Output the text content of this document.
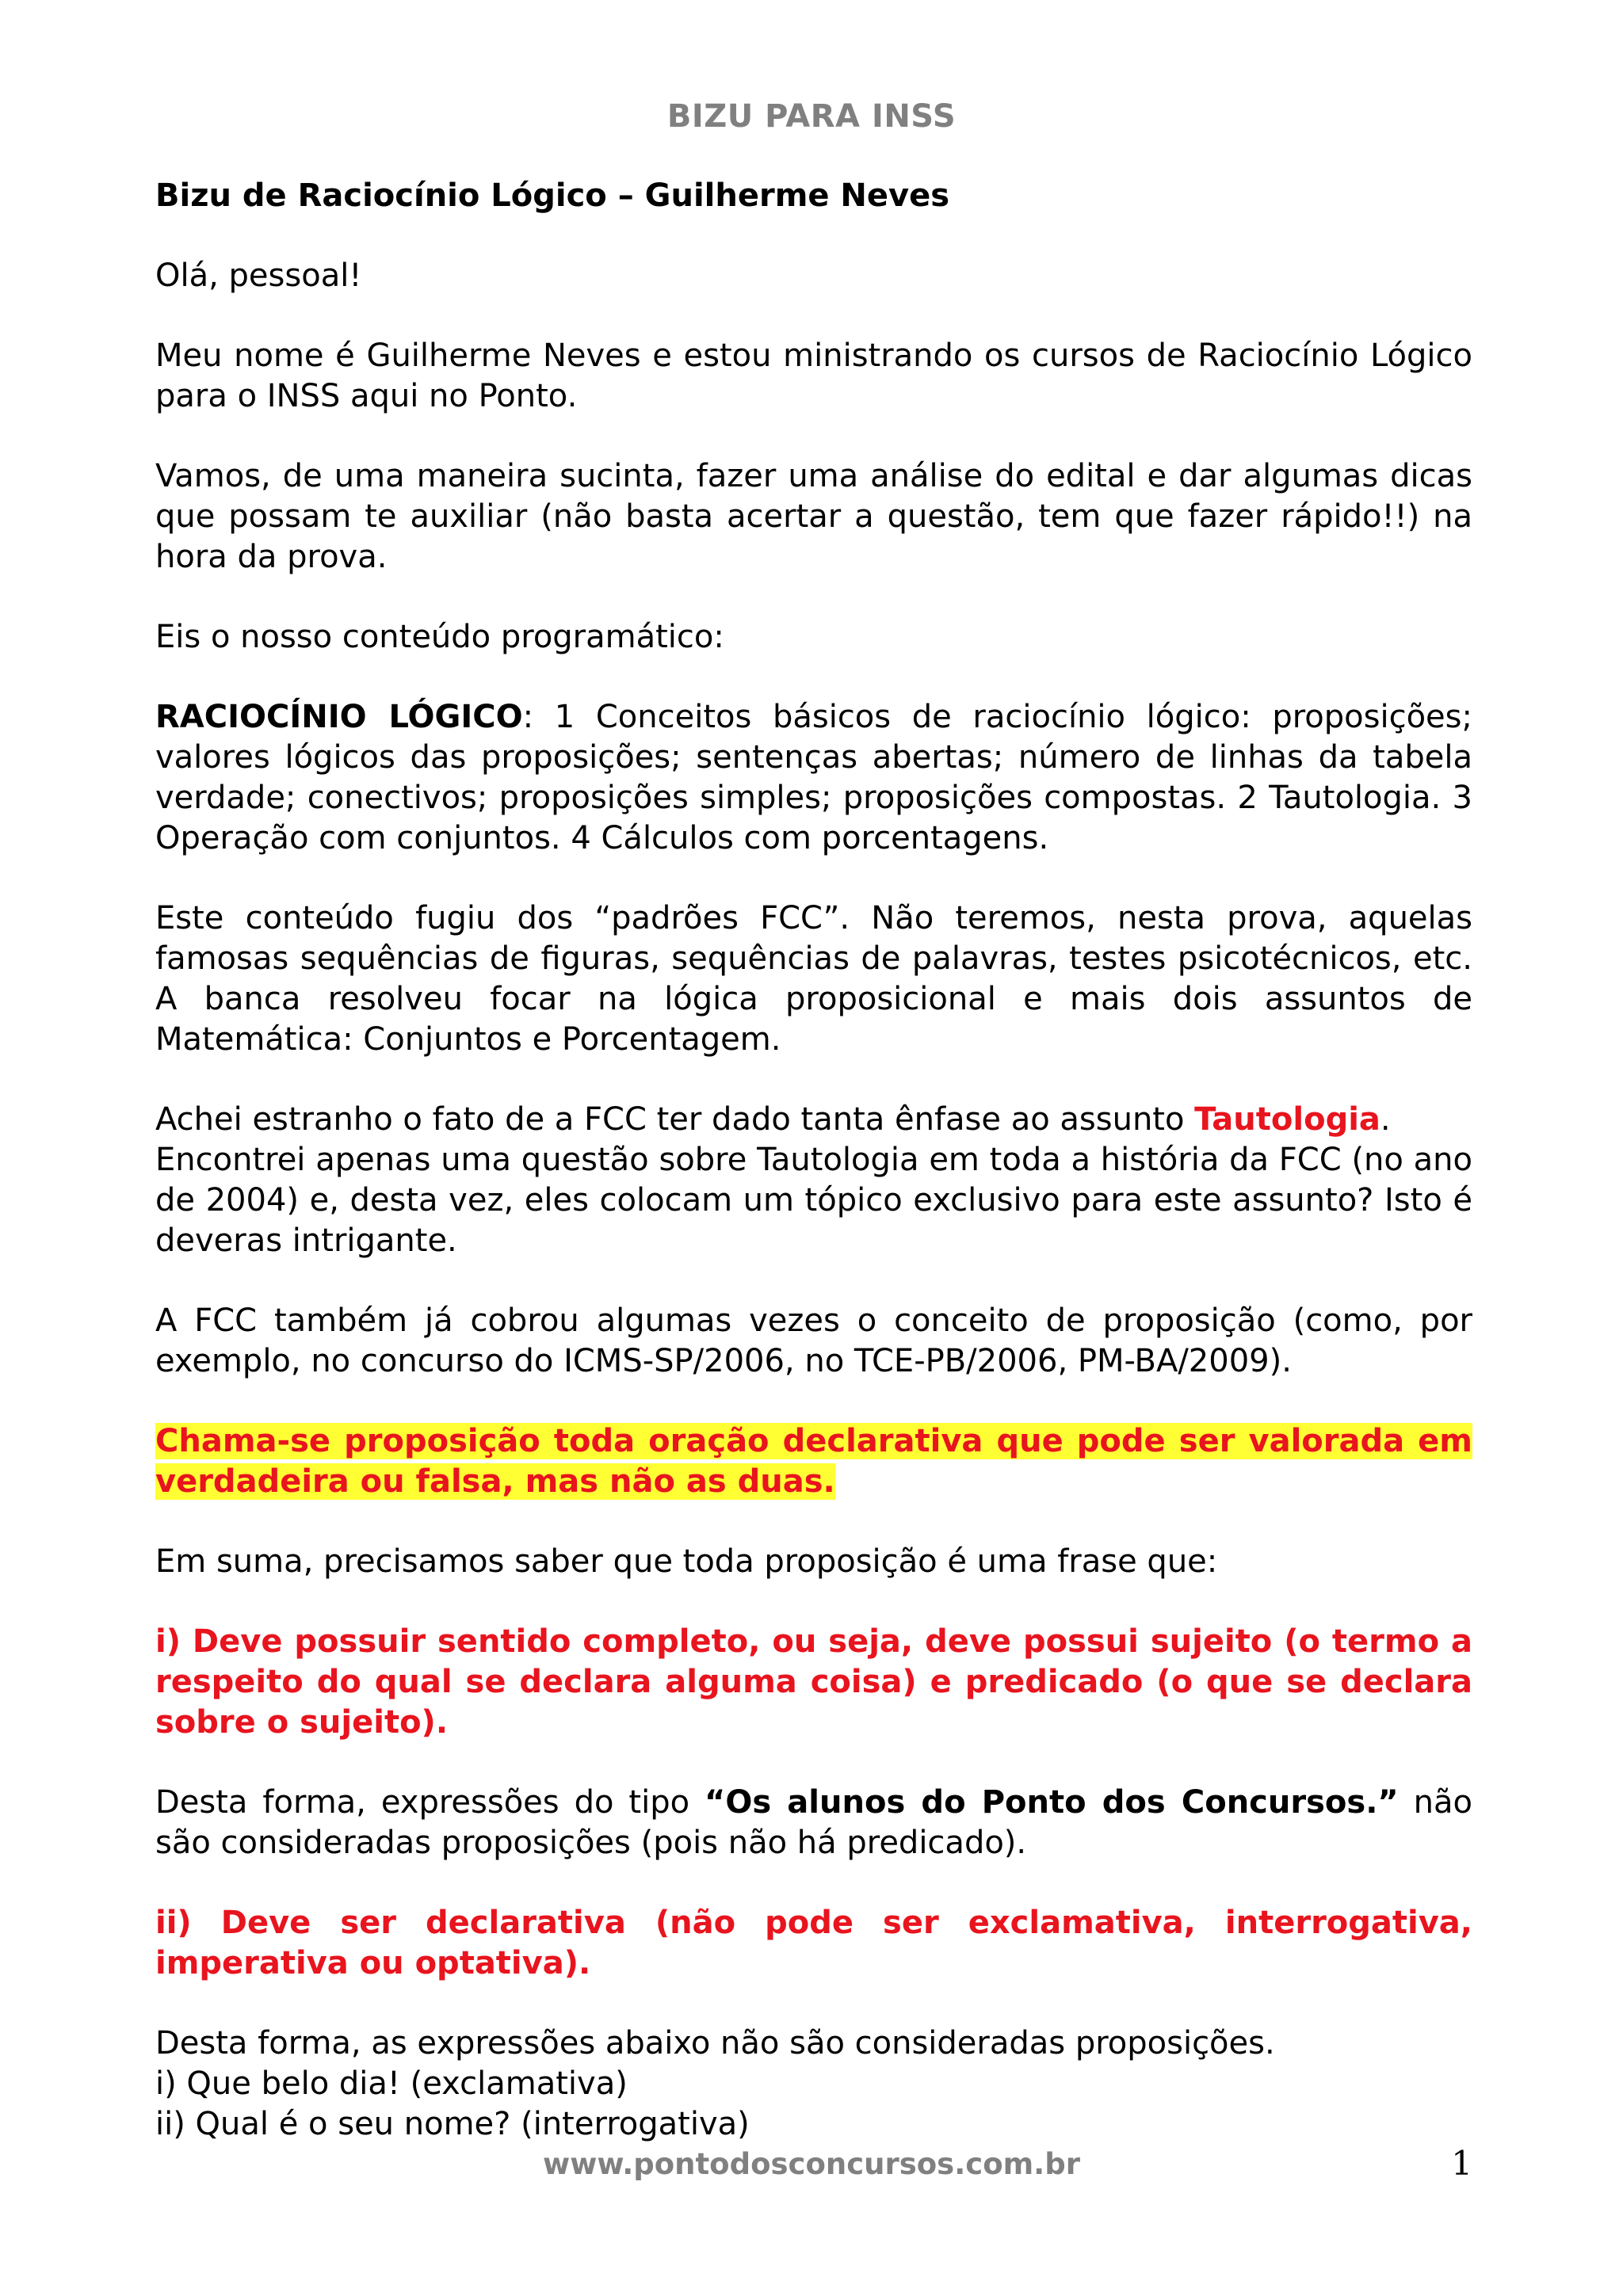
BIZU PARA INSS

Bizu de Raciocínio Lógico – Guilherme Neves

Olá, pessoal!

Meu nome é Guilherme Neves e estou ministrando os cursos de Raciocínio Lógico para o INSS aqui no Ponto.

Vamos, de uma maneira sucinta, fazer uma análise do edital e dar algumas dicas que possam te auxiliar (não basta acertar a questão, tem que fazer rápido!!) na hora da prova.

Eis o nosso conteúdo programático:

RACIOCÍNIO LÓGICO: 1 Conceitos básicos de raciocínio lógico: proposições; valores lógicos das proposições; sentenças abertas; número de linhas da tabela verdade; conectivos; proposições simples; proposições compostas. 2 Tautologia. 3 Operação com conjuntos. 4 Cálculos com porcentagens.

Este conteúdo fugiu dos “padrões FCC”. Não teremos, nesta prova, aquelas famosas sequências de figuras, sequências de palavras, testes psicotécnicos, etc. A banca resolveu focar na lógica proposicional e mais dois assuntos de Matemática: Conjuntos e Porcentagem.

Achei estranho o fato de a FCC ter dado tanta ênfase ao assunto Tautologia.

Encontrei apenas uma questão sobre Tautologia em toda a história da FCC (no ano de 2004) e, desta vez, eles colocam um tópico exclusivo para este assunto? Isto é deveras intrigante.

A FCC também já cobrou algumas vezes o conceito de proposição (como, por exemplo, no concurso do ICMS-SP/2006, no TCE-PB/2006, PM-BA/2009).

Chama-se proposição toda oração declarativa que pode ser valorada em verdadeira ou falsa, mas não as duas.

Em suma, precisamos saber que toda proposição é uma frase que:

i) Deve possuir sentido completo, ou seja, deve possui sujeito (o termo a respeito do qual se declara alguma coisa) e predicado (o que se declara sobre o sujeito).

Desta forma, expressões do tipo “Os alunos do Ponto dos Concursos.” não são consideradas proposições (pois não há predicado).

ii) Deve ser declarativa (não pode ser exclamativa, interrogativa, imperativa ou optativa).

Desta forma, as expressões abaixo não são consideradas proposições.

i) Que belo dia! (exclamativa)

ii) Qual é o seu nome? (interrogativa)

www.pontodosconcursos.com.br	1
